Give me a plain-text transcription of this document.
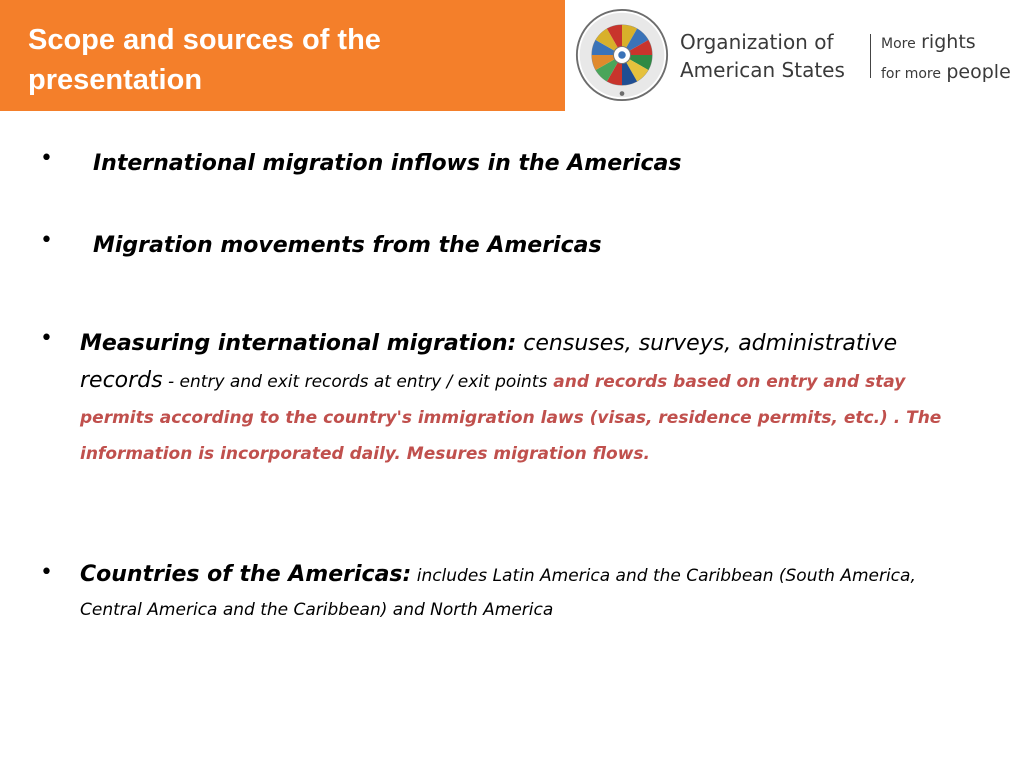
Scope and sources of the presentation
Organization of
American States
More rights
for more people
• International migration inflows in the Americas
• Migration movements from the Americas
• Measuring international migration: censuses, surveys, administrative records - entry and exit records at entry / exit points and records based on entry and stay permits according to the country's immigration laws (visas, residence permits, etc.) . The information is incorporated daily. Mesures migration flows.
• Countries of the Americas: includes Latin America and the Caribbean (South America, Central America and the Caribbean) and North America
